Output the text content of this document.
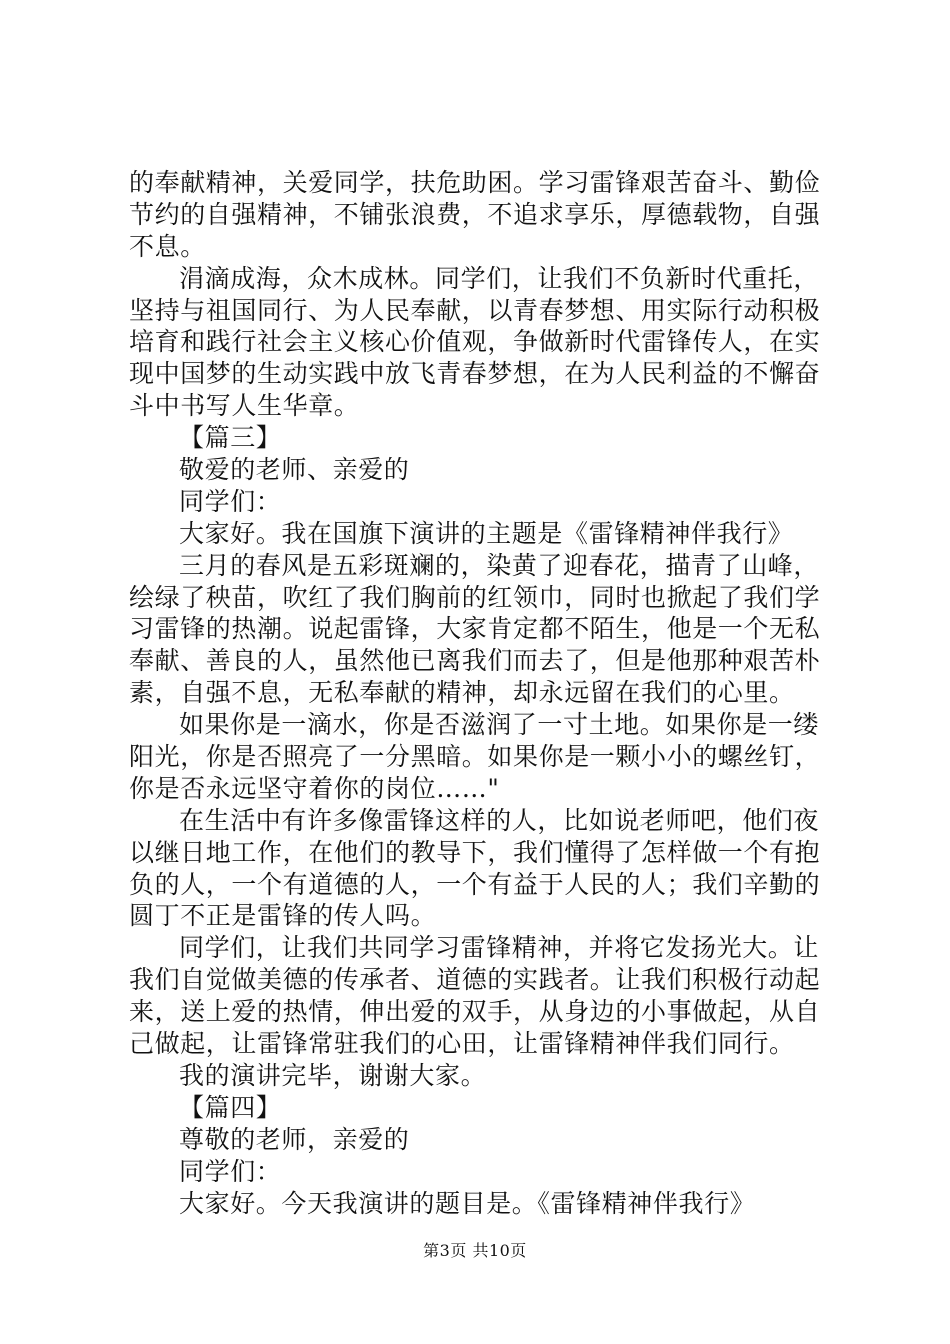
的奉献精神，关爱同学，扶危助困。学习雷锋艰苦奋斗、勤俭
节约的自强精神，不铺张浪费，不追求享乐，厚德载物，自强
不息。
涓滴成海，众木成林。同学们，让我们不负新时代重托，
坚持与祖国同行、为人民奉献，以青春梦想、用实际行动积极
培育和践行社会主义核心价值观，争做新时代雷锋传人，在实
现中国梦的生动实践中放飞青春梦想，在为人民利益的不懈奋
斗中书写人生华章。
【篇三】
敬爱的老师、亲爱的
同学们：
大家好。我在国旗下演讲的主题是《雷锋精神伴我行》
三月的春风是五彩斑斓的，染黄了迎春花，描青了山峰，
绘绿了秧苗，吹红了我们胸前的红领巾，同时也掀起了我们学
习雷锋的热潮。说起雷锋，大家肯定都不陌生，他是一个无私
奉献、善良的人，虽然他已离我们而去了，但是他那种艰苦朴
素，自强不息，无私奉献的精神，却永远留在我们的心里。
如果你是一滴水，你是否滋润了一寸土地。如果你是一缕
阳光，你是否照亮了一分黑暗。如果你是一颗小小的螺丝钉，
你是否永远坚守着你的岗位……"
在生活中有许多像雷锋这样的人，比如说老师吧，他们夜
以继日地工作，在他们的教导下，我们懂得了怎样做一个有抱
负的人，一个有道德的人，一个有益于人民的人；我们辛勤的
圆丁不正是雷锋的传人吗。
同学们，让我们共同学习雷锋精神，并将它发扬光大。让
我们自觉做美德的传承者、道德的实践者。让我们积极行动起
来，送上爱的热情，伸出爱的双手，从身边的小事做起，从自
己做起，让雷锋常驻我们的心田，让雷锋精神伴我们同行。
我的演讲完毕，谢谢大家。
【篇四】
尊敬的老师，亲爱的
同学们：
大家好。今天我演讲的题目是。《雷锋精神伴我行》
第3页 共10页
